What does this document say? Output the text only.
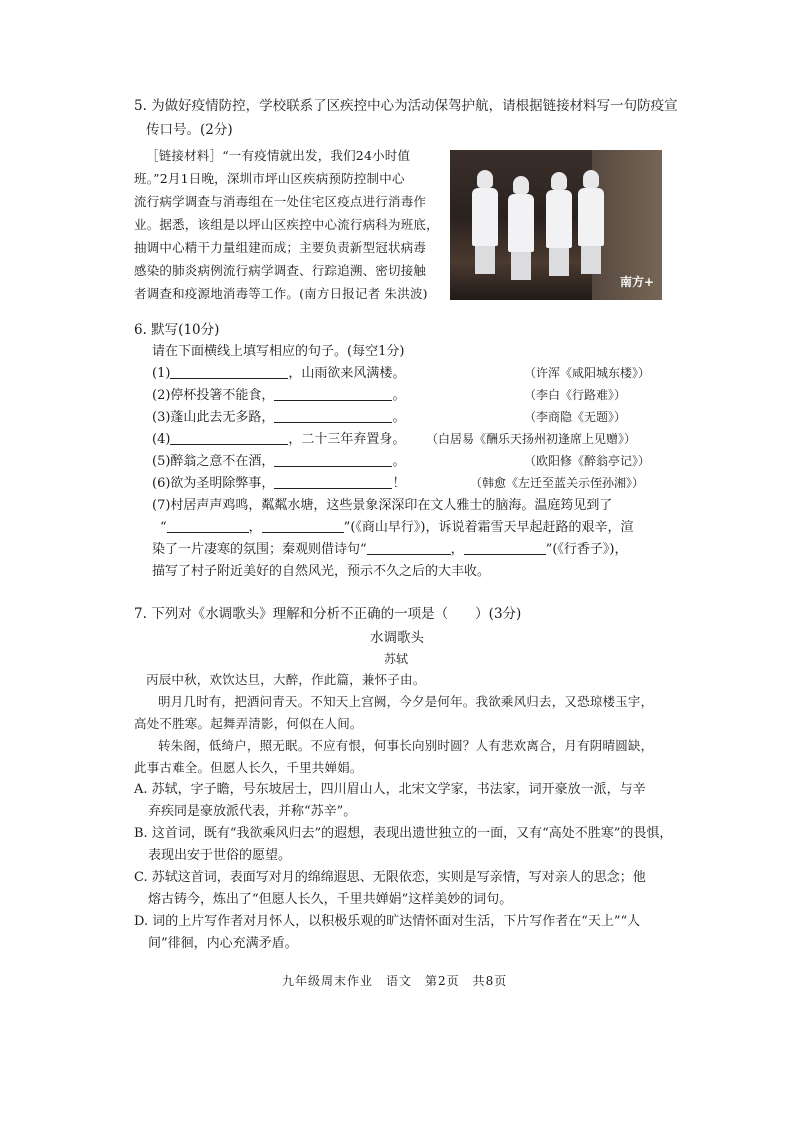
5. 为做好疫情防控，学校联系了区疾控中心为活动保驾护航，请根据链接材料写一句防疫宣
传口号。(2分)
［链接材料］“一有疫情就出发，我们24小时值
班。”2月1日晚，深圳市坪山区疾病预防控制中心
流行病学调查与消毒组在一处住宅区疫点进行消毒作
业。据悉，该组是以坪山区疾控中心流行病科为班底，
抽调中心精干力量组建而成；主要负责新型冠状病毒
感染的肺炎病例流行病学调查、行踪追溯、密切接触
者调查和疫源地消毒等工作。(南方日报记者 朱洪波)
南方+
6. 默写(10分)
请在下面横线上填写相应的句子。(每空1分)
(1)	，山雨欲来风满楼。	（许浑《咸阳城东楼》）
(2)停杯投箸不能食，	。	（李白《行路难》）
(3)蓬山此去无多路，	。	（李商隐《无题》）
(4)	，二十三年弃置身。 （白居易《酬乐天扬州初逢席上见赠》）
(5)醉翁之意不在酒，	。	（欧阳修《醉翁亭记》）
(6)欲为圣明除弊事，	！	（韩愈《左迁至蓝关示侄孙湘》）
(7)村居声声鸡鸣，粼粼水塘，这些景象深深印在文人雅士的脑海。温庭筠见到了
“	，	”(《商山早行》)，诉说着霜雪天早起赶路的艰辛，渲
染了一片凄寒的氛围；秦观则借诗句“	，	”(《行香子》)，
描写了村子附近美好的自然风光，预示不久之后的大丰收。
7. 下列对《水调歌头》理解和分析不正确的一项是（　　）(3分)
水调歌头
苏轼
丙辰中秋，欢饮达旦，大醉，作此篇，兼怀子由。
明月几时有，把酒问青天。不知天上宫阙，今夕是何年。我欲乘风归去，又恐琼楼玉宇，
高处不胜寒。起舞弄清影，何似在人间。
转朱阁，低绮户，照无眠。不应有恨，何事长向别时圆？人有悲欢离合，月有阴晴圆缺，
此事古难全。但愿人长久，千里共婵娟。
A. 苏轼，字子瞻，号东坡居士，四川眉山人，北宋文学家，书法家，词开豪放一派，与辛
弃疾同是豪放派代表，并称“苏辛”。
B. 这首词，既有“我欲乘风归去”的遐想，表现出遗世独立的一面，又有“高处不胜寒”的畏惧，
表现出安于世俗的愿望。
C. 苏轼这首词，表面写对月的绵绵遐思、无限依恋，实则是写亲情，写对亲人的思念；他
熔古铸今，炼出了“但愿人长久，千里共婵娟”这样美妙的词句。
D. 词的上片写作者对月怀人，以积极乐观的旷达情怀面对生活，下片写作者在“天上”“人
间”徘徊，内心充满矛盾。
九年级周末作业　语文　第2页　共8页
